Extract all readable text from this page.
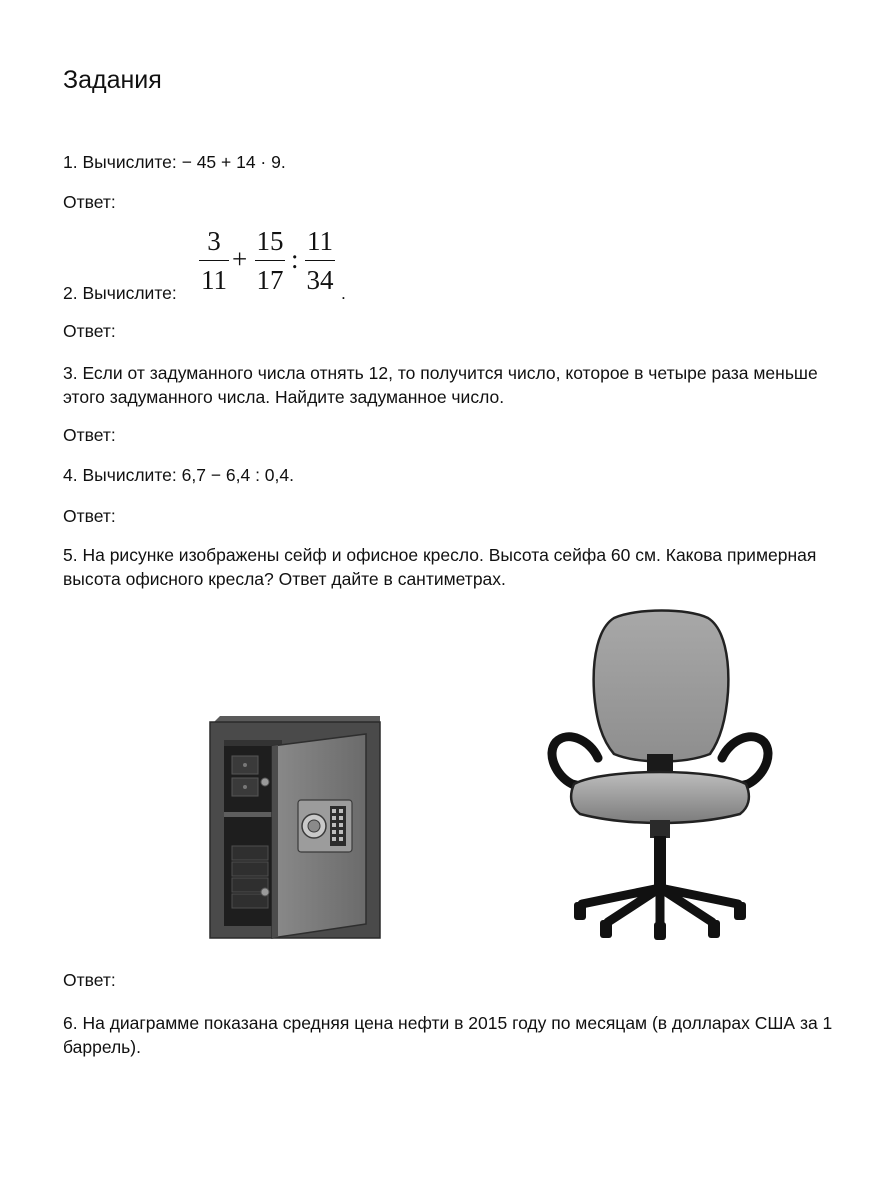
Задания
1. Вычислите: − 45 + 14 · 9.
Ответ:
2. Вычислите:
3
11
+
15
17
:
11
34 .
Ответ:
3. Если от задуманного числа отнять 12, то получится число, которое в четыре раза меньше этого задуманного числа. Найдите задуманное число.
Ответ:
4. Вычислите: 6,7 − 6,4 : 0,4.
Ответ:
5. На рисунке изображены сейф и офисное кресло. Высота сейфа 60 см. Какова примерная высота офисного кресла? Ответ дайте в сантиметрах.
Ответ:
6. На диаграмме показана средняя цена нефти в 2015 году по месяцам (в долларах США за 1 баррель).
